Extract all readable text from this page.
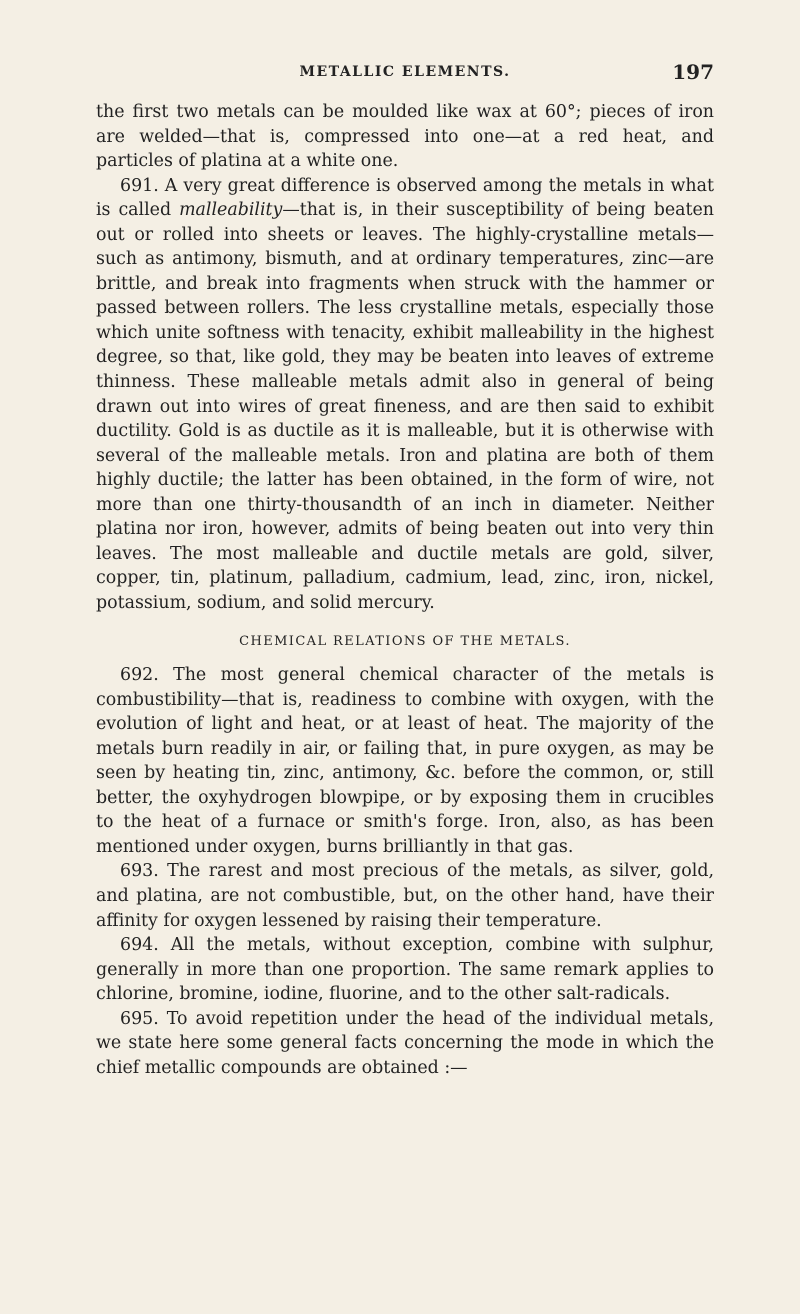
METALLIC ELEMENTS.	197

the first two metals can be moulded like wax at 60°; pieces of iron are welded—that is, compressed into one—at a red heat, and particles of platina at a white one.

691. A very great difference is observed among the metals in what is called malleability—that is, in their susceptibility of being beaten out or rolled into sheets or leaves. The highly-crystalline metals—such as antimony, bismuth, and at ordinary temperatures, zinc—are brittle, and break into fragments when struck with the hammer or passed between rollers. The less crystalline metals, especially those which unite softness with tenacity, exhibit malleability in the highest degree, so that, like gold, they may be beaten into leaves of extreme thinness. These malleable metals admit also in general of being drawn out into wires of great fineness, and are then said to exhibit ductility. Gold is as ductile as it is malleable, but it is otherwise with several of the malleable metals. Iron and platina are both of them highly ductile; the latter has been obtained, in the form of wire, not more than one thirty-thousandth of an inch in diameter. Neither platina nor iron, however, admits of being beaten out into very thin leaves. The most malleable and ductile metals are gold, silver, copper, tin, platinum, palladium, cadmium, lead, zinc, iron, nickel, potassium, sodium, and solid mercury.

CHEMICAL RELATIONS OF THE METALS.

692. The most general chemical character of the metals is combustibility—that is, readiness to combine with oxygen, with the evolution of light and heat, or at least of heat. The majority of the metals burn readily in air, or failing that, in pure oxygen, as may be seen by heating tin, zinc, antimony, &c. before the common, or, still better, the oxyhydrogen blowpipe, or by exposing them in crucibles to the heat of a furnace or smith's forge. Iron, also, as has been mentioned under oxygen, burns brilliantly in that gas.

693. The rarest and most precious of the metals, as silver, gold, and platina, are not combustible, but, on the other hand, have their affinity for oxygen lessened by raising their temperature.

694. All the metals, without exception, combine with sulphur, generally in more than one proportion. The same remark applies to chlorine, bromine, iodine, fluorine, and to the other salt-radicals.

695. To avoid repetition under the head of the individual metals, we state here some general facts concerning the mode in which the chief metallic compounds are obtained :—
